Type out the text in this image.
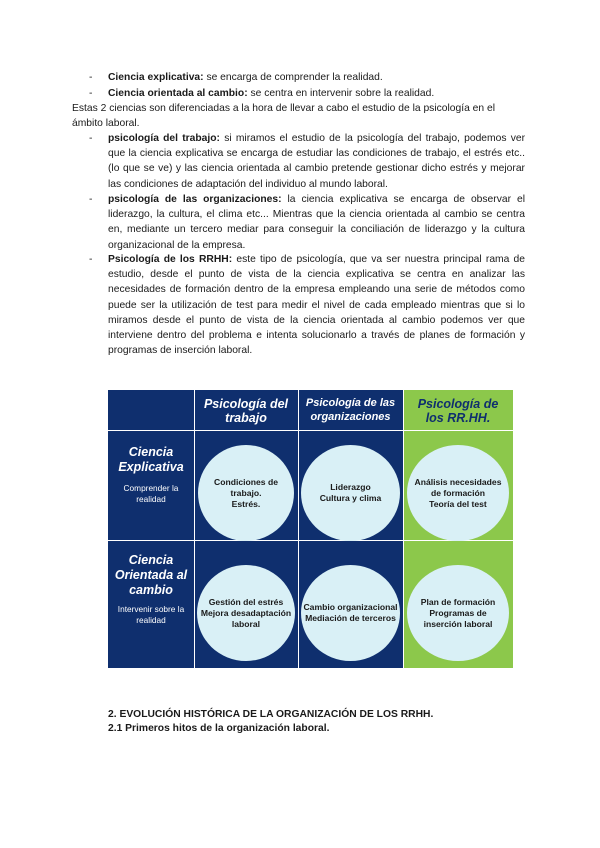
- Ciencia explicativa: se encarga de comprender la realidad.
- Ciencia orientada al cambio: se centra en intervenir sobre la realidad.
Estas 2 ciencias son diferenciadas a la hora de llevar a cabo el estudio de la psicología en el ámbito laboral.
- psicología del trabajo: si miramos el estudio de la psicología del trabajo, podemos ver que la ciencia explicativa se encarga de estudiar las condiciones de trabajo, el estrés etc.. (lo que se ve) y las ciencia orientada al cambio pretende gestionar dicho estrés y mejorar las condiciones de adaptación del individuo al mundo laboral.
- psicología de las organizaciones: la ciencia explicativa se encarga de observar el liderazgo, la cultura, el clima etc... Mientras que la ciencia orientada al cambio se centra en, mediante un tercero mediar para conseguir la conciliación de liderazgo y la cultura organizacional de la empresa.
- Psicología de los RRHH: este tipo de psicología, que va ser nuestra principal rama de estudio, desde el punto de vista de la ciencia explicativa se centra en analizar las necesidades de formación dentro de la empresa empleando una serie de métodos como puede ser la utilización de test para medir el nivel de cada empleado mientras que si lo miramos desde el punto de vista de la ciencia orientada al cambio podemos ver que interviene dentro del problema e intenta solucionarlo a través de planes de formación y programas de inserción laboral.
Psicología del
trabajo
Psicología de las
organizaciones
Psicología de
los RR.HH.
Ciencia
Explicativa
Comprender la
realidad
Ciencia
Orientada al
cambio
Intervenir sobre la
realidad
Condiciones de
trabajo.
Estrés.
Liderazgo
Cultura y clima
Análisis necesidades
de formación
Teoría del test
Gestión del estrés
Mejora desadaptación
laboral
Cambio organizacional
Mediación de terceros
Plan de formación
Programas de
inserción laboral
2. EVOLUCIÓN HISTÓRICA DE LA ORGANIZACIÓN DE LOS RRHH.
2.1 Primeros hitos de la organización laboral.
